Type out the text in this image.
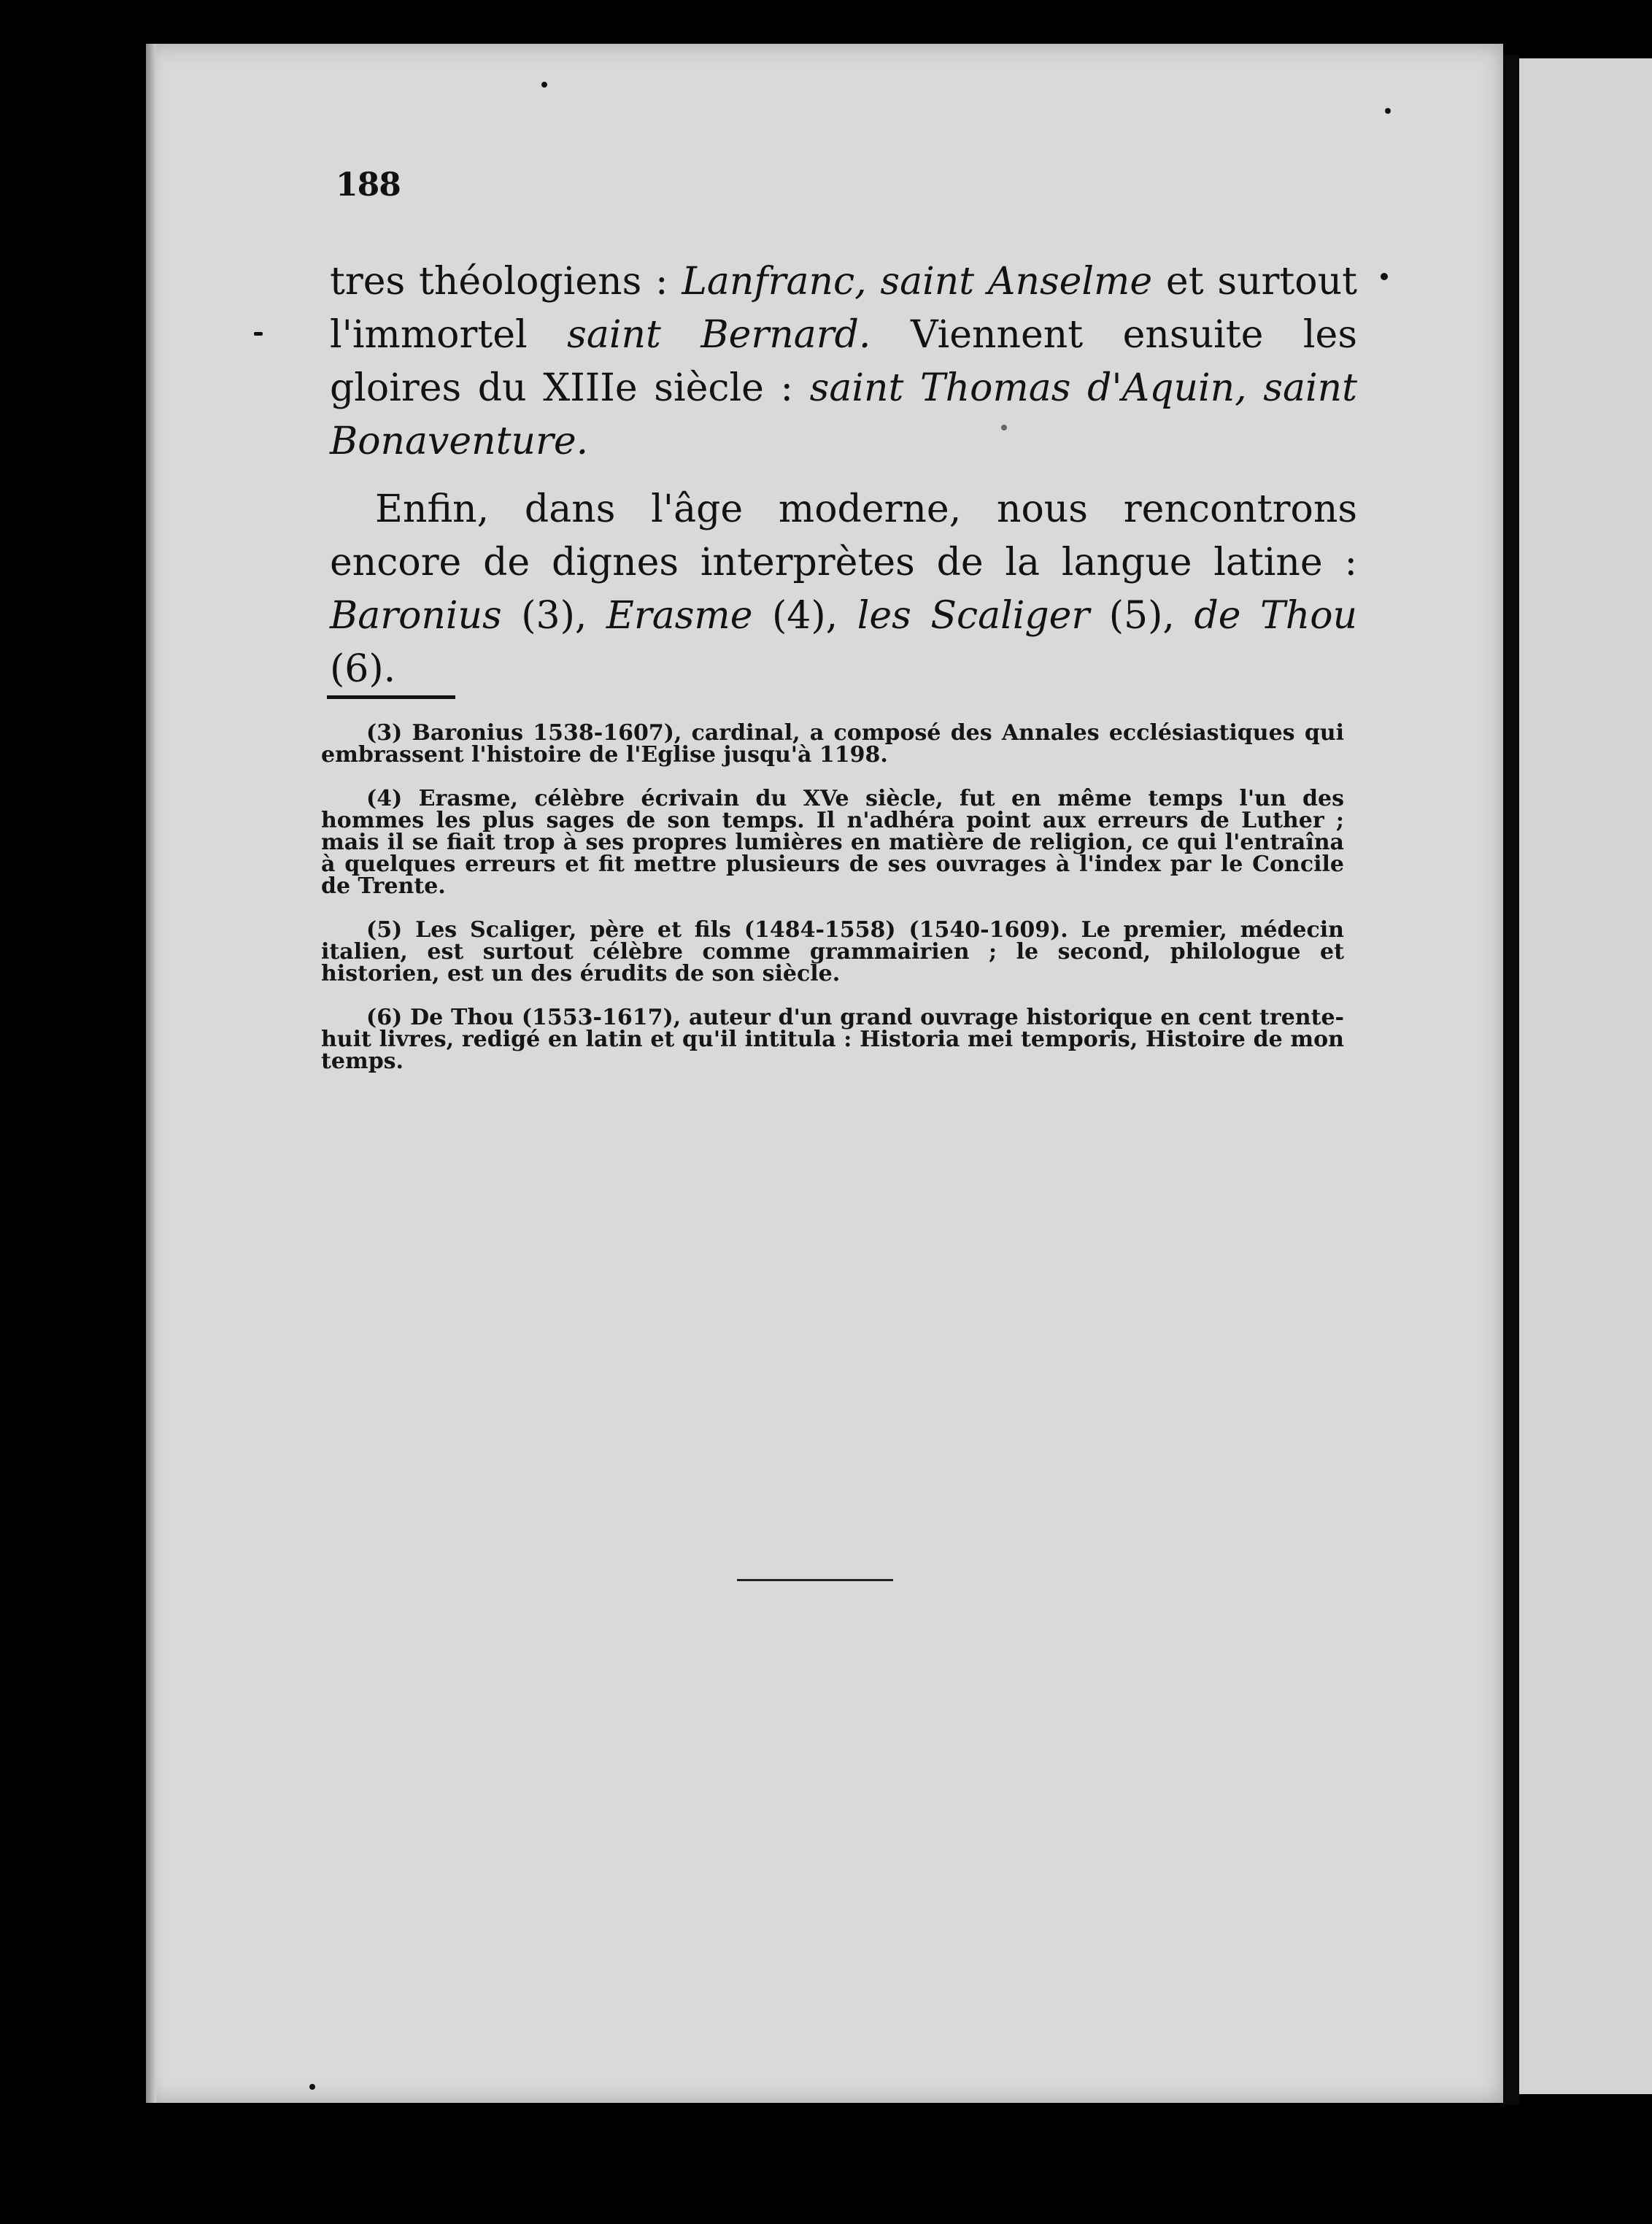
188

tres théologiens : Lanfranc, saint Anselme et surtout l'immortel saint Bernard. Viennent ensuite les gloires du XIIIe siècle : saint Thomas d'Aquin, saint Bonaventure.

Enfin, dans l'âge moderne, nous rencontrons encore de dignes interprètes de la langue latine : Baronius (3), Erasme (4), les Scaliger (5), de Thou (6).

(3) Baronius 1538-1607), cardinal, a composé des Annales ecclésiastiques qui embrassent l'histoire de l'Eglise jusqu'à 1198.

(4) Erasme, célèbre écrivain du XVe siècle, fut en même temps l'un des hommes les plus sages de son temps. Il n'adhéra point aux erreurs de Luther ; mais il se fiait trop à ses propres lumières en matière de religion, ce qui l'entraîna à quelques erreurs et fit mettre plusieurs de ses ouvrages à l'index par le Concile de Trente.

(5) Les Scaliger, père et fils (1484-1558) (1540-1609). Le premier, médecin italien, est surtout célèbre comme grammairien ; le second, philologue et historien, est un des érudits de son siècle.

(6) De Thou (1553-1617), auteur d'un grand ouvrage historique en cent trente-huit livres, redigé en latin et qu'il intitula : Historia mei temporis, Histoire de mon temps.
